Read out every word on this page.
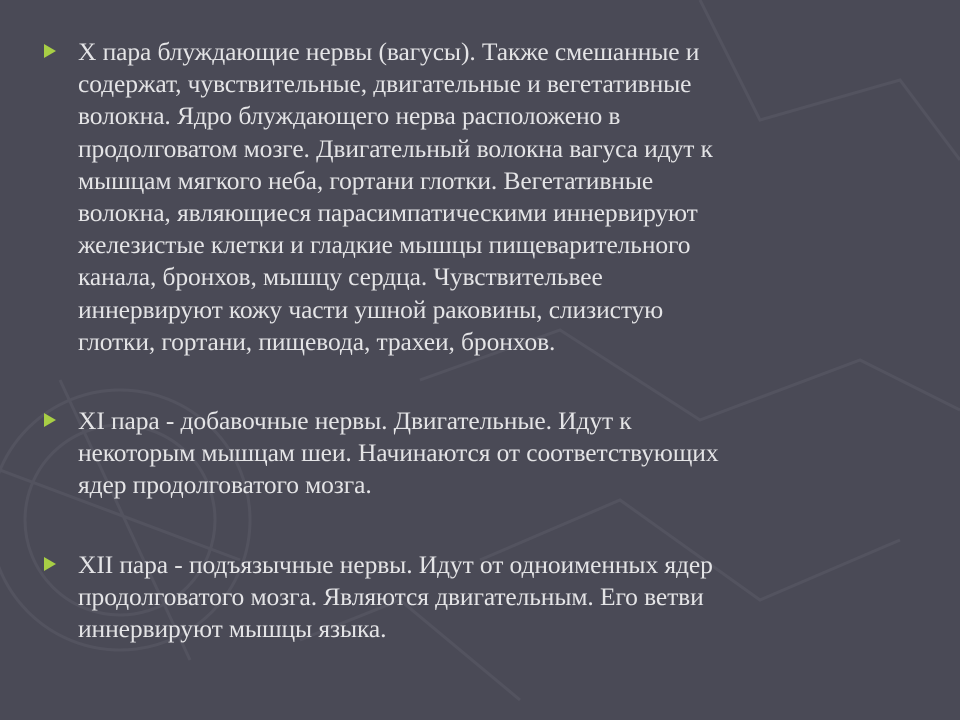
X пара блуждающие нервы (вагусы). Также смешанные и
содержат, чувствительные, двигательные и вегетативные
волокна. Ядро блуждающего нерва расположено в
продолговатом мозге. Двигательный волокна вагуса идут к
мышцам мягкого неба, гортани глотки. Вегетативные
волокна, являющиеся парасимпатическими иннервируют
железистые клетки и гладкие мышцы пищеварительного
канала, бронхов, мышцу сердца. Чувствительвее
иннервируют кожу части ушной раковины, слизистую
глотки, гортани, пищевода, трахеи, бронхов.
XI пара - добавочные нервы. Двигательные. Идут к
некоторым мышцам шеи. Начинаются от соответствующих
ядер продолговатого мозга.
XII пара - подъязычные нервы. Идут от одноименных ядер
продолговатого мозга. Являются двигательным. Его ветви
иннервируют мышцы языка.
